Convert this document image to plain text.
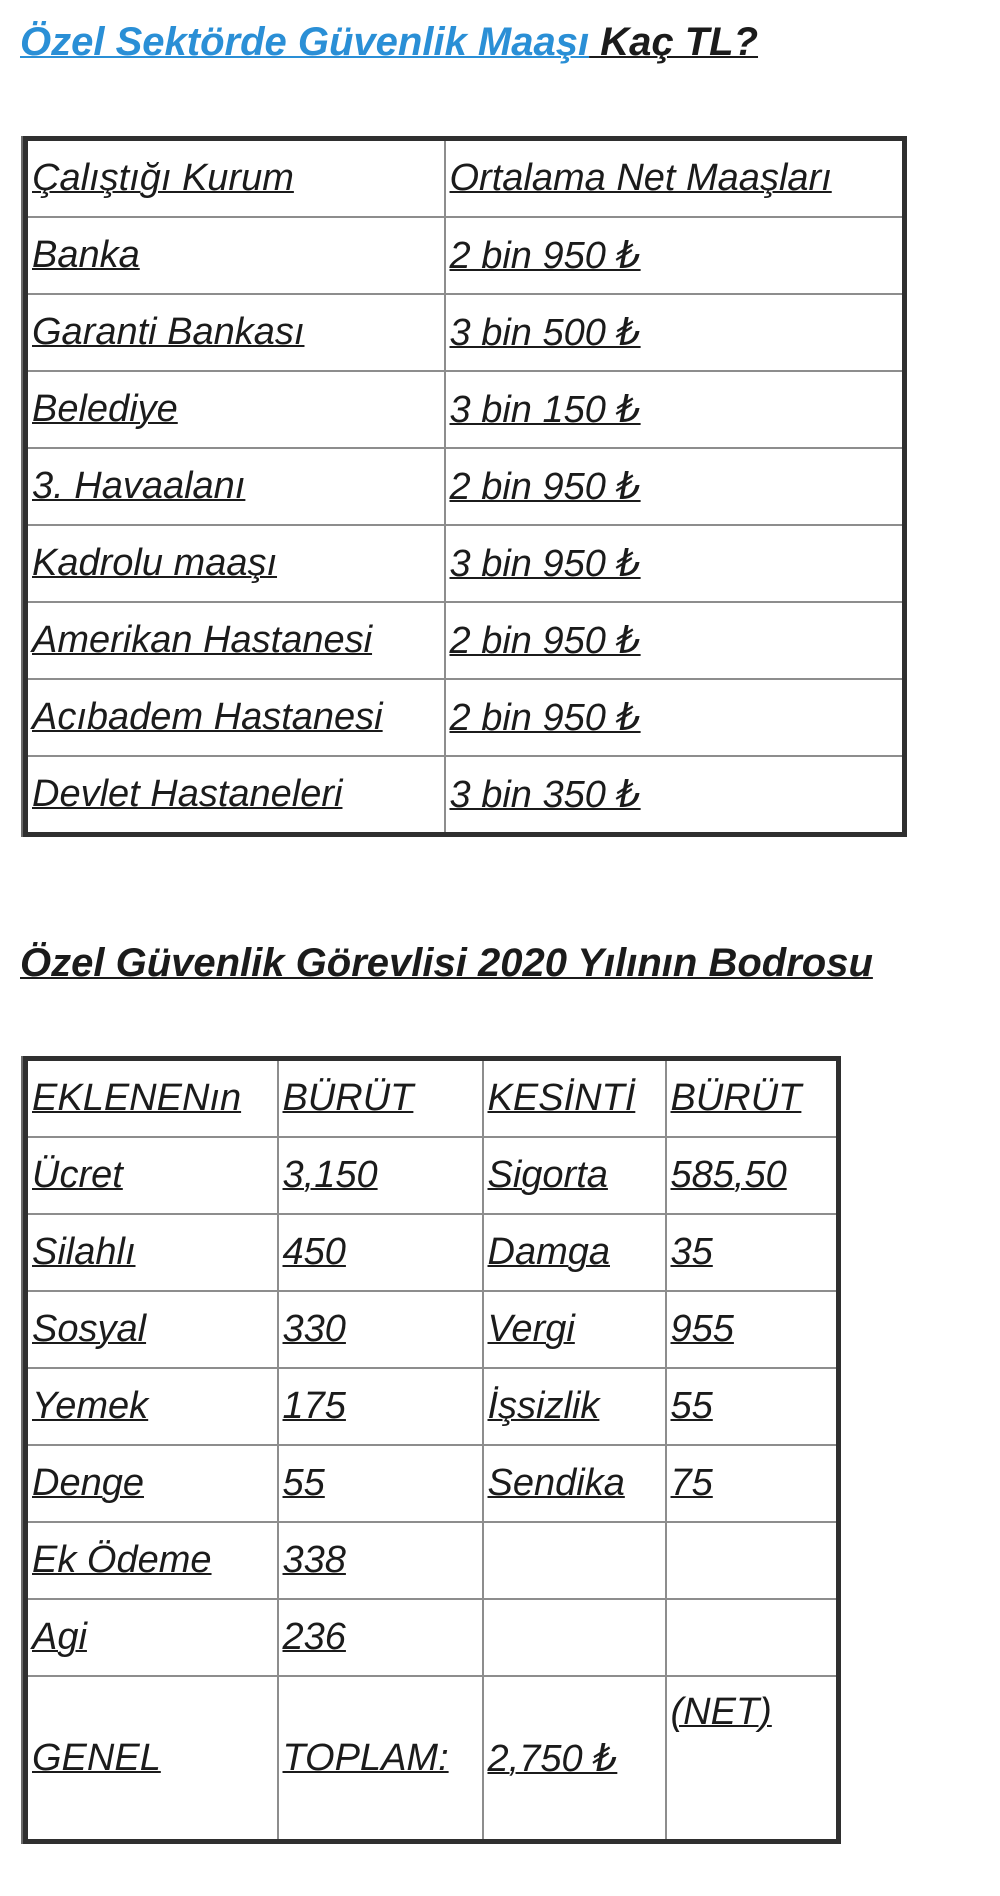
Özel Sektörde Güvenlik Maaşı Kaç TL?
Çalıştığı Kurum	Ortalama Net Maaşları
Banka	2 bin 950 ₺
Garanti Bankası	3 bin 500 ₺
Belediye	3 bin 150 ₺
3. Havaalanı	2 bin 950 ₺
Kadrolu maaşı	3 bin 950 ₺
Amerikan Hastanesi	2 bin 950 ₺
Acıbadem Hastanesi	2 bin 950 ₺
Devlet Hastaneleri	3 bin 350 ₺
Özel Güvenlik Görevlisi 2020 Yılının Bodrosu
EKLENENın	BÜRÜT	KESİNTİ	BÜRÜT
Ücret	3,150	Sigorta	585,50
Silahlı	450	Damga	35
Sosyal	330	Vergi	955
Yemek	175	İşsizlik	55
Denge	55	Sendika	75
Ek Ödeme	338		
Agi	236		
GENEL	TOPLAM:	2,750 ₺	(NET)
